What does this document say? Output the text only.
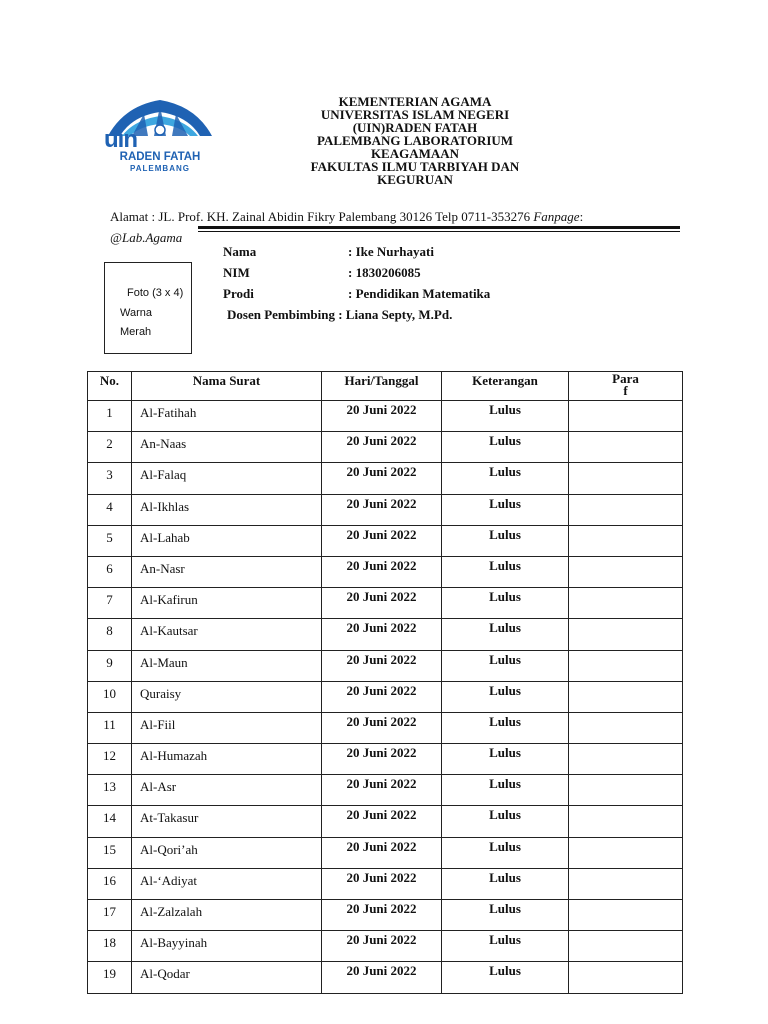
uin
RADEN FATAH
PALEMBANG
KEMENTERIAN AGAMA
UNIVERSITAS ISLAM NEGERI
(UIN)RADEN FATAH
PALEMBANG LABORATORIUM
KEAGAMAAN
FAKULTAS ILMU TARBIYAH DAN
KEGURUAN
Alamat : JL. Prof. KH. Zainal Abidin Fikry Palembang 30126 Telp 0711-353276 Fanpage:
@Lab.Agama
Foto (3 x 4)
Warna
Merah
Nama	: Ike Nurhayati
NIM	: 1830206085
Prodi	: Pendidikan Matematika
Dosen Pembimbing : Liana Septy, M.Pd.
No.	Nama Surat	Hari/Tanggal	Keterangan	Para
f
1	Al-Fatihah	20 Juni 2022	Lulus	
2	An-Naas	20 Juni 2022	Lulus	
3	Al-Falaq	20 Juni 2022	Lulus	
4	Al-Ikhlas	20 Juni 2022	Lulus	
5	Al-Lahab	20 Juni 2022	Lulus	
6	An-Nasr	20 Juni 2022	Lulus	
7	Al-Kafirun	20 Juni 2022	Lulus	
8	Al-Kautsar	20 Juni 2022	Lulus	
9	Al-Maun	20 Juni 2022	Lulus	
10	Quraisy	20 Juni 2022	Lulus	
11	Al-Fiil	20 Juni 2022	Lulus	
12	Al-Humazah	20 Juni 2022	Lulus	
13	Al-Asr	20 Juni 2022	Lulus	
14	At-Takasur	20 Juni 2022	Lulus	
15	Al-Qori’ah	20 Juni 2022	Lulus	
16	Al-‘Adiyat	20 Juni 2022	Lulus	
17	Al-Zalzalah	20 Juni 2022	Lulus	
18	Al-Bayyinah	20 Juni 2022	Lulus	
19	Al-Qodar	20 Juni 2022	Lulus	
